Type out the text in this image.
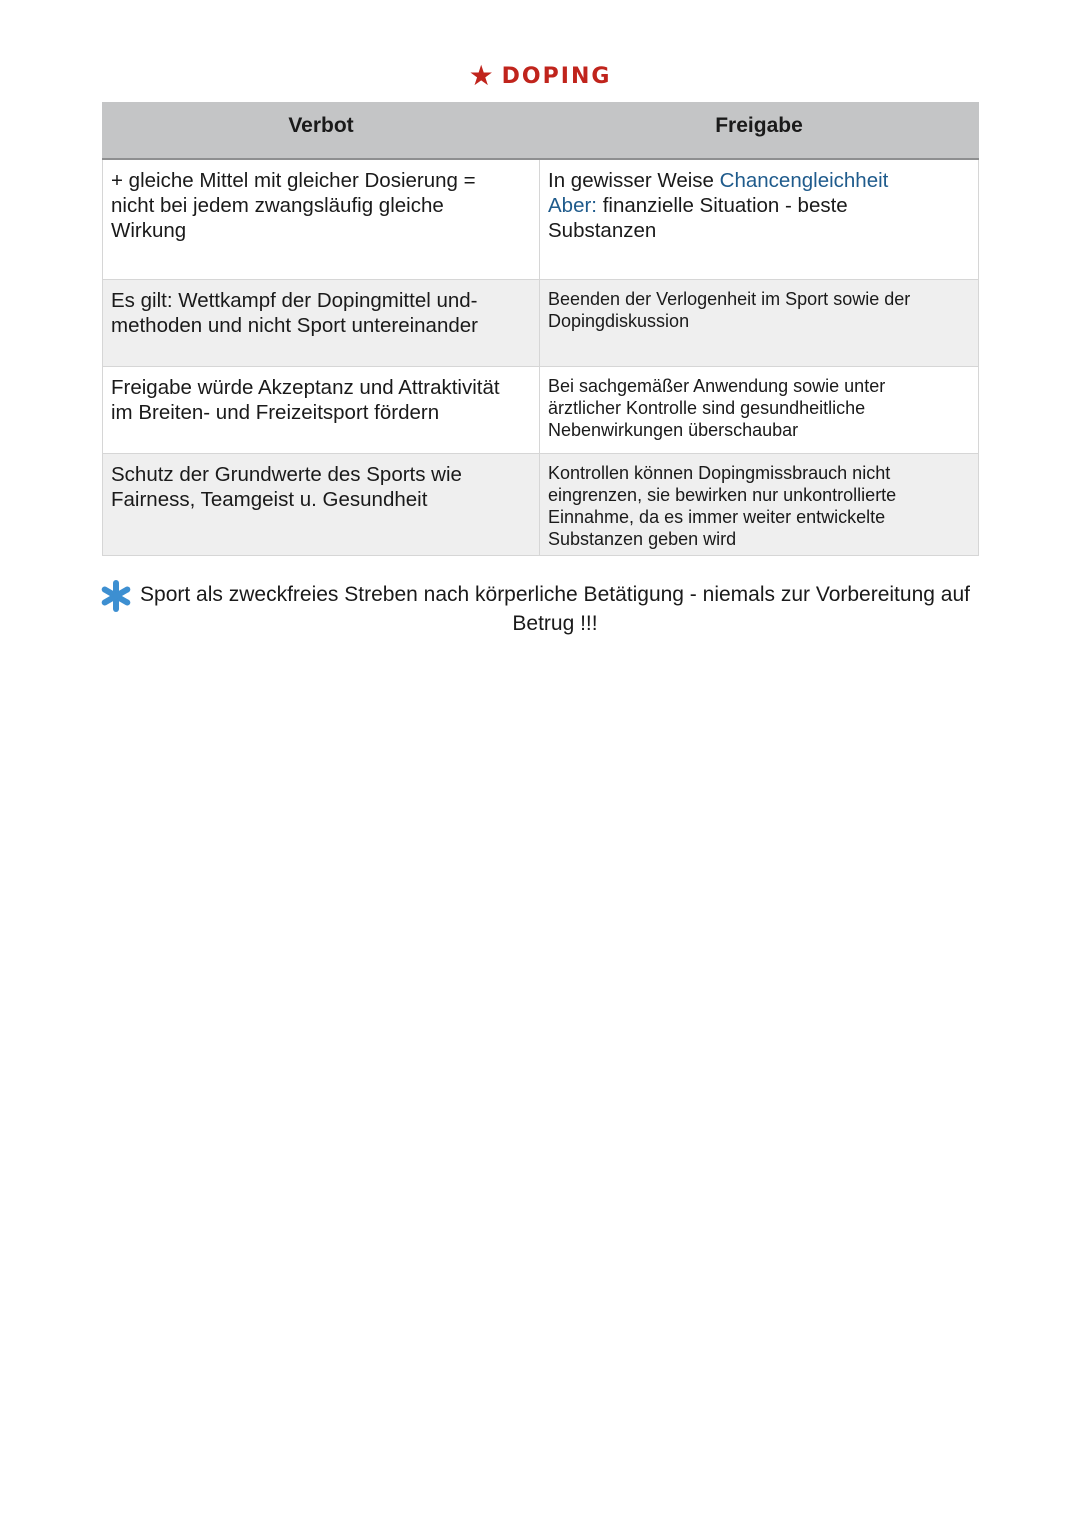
★ DOPING
Verbot	Freigabe

+ gleiche Mittel mit gleicher Dosierung =
nicht bei jedem zwangsläufig gleiche
Wirkung	In gewisser Weise Chancengleichheit
Aber: finanzielle Situation - beste
Substanzen

Es gilt: Wettkampf der Dopingmittel und-
methoden und nicht Sport untereinander	Beenden der Verlogenheit im Sport sowie der
Dopingdiskussion

Freigabe würde Akzeptanz und Attraktivität
im Breiten- und Freizeitsport fördern	Bei sachgemäßer Anwendung sowie unter
ärztlicher Kontrolle sind gesundheitliche
Nebenwirkungen überschaubar

Schutz der Grundwerte des Sports wie
Fairness, Teamgeist u. Gesundheit	Kontrollen können Dopingmissbrauch nicht
eingrenzen, sie bewirken nur unkontrollierte
Einnahme, da es immer weiter entwickelte
Substanzen geben wird
Sport als zweckfreies Streben nach körperliche Betätigung - niemals zur Vorbereitung auf Betrug !!!
